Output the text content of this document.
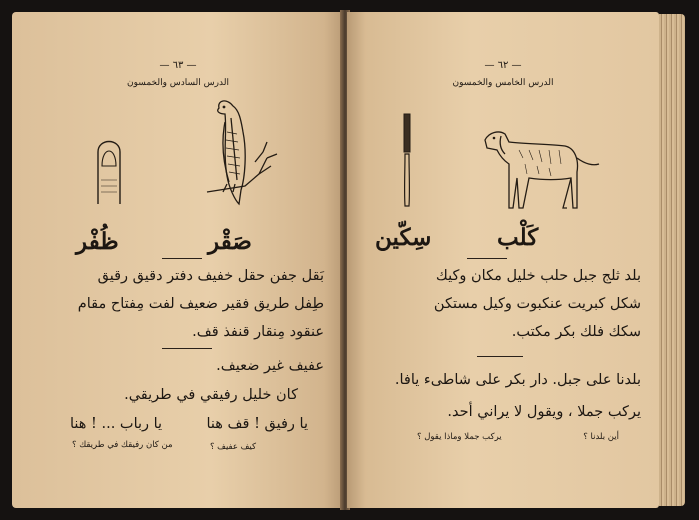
— ٦٣ —
الدرس السادس والخمسون
صَقْر
ظُفْر
بَقل جفن حقل خفيف دفتر دقيق رقيق
طِفل طريق فقير ضعيف لفت مِفتاح مقام
عنقود مِنقار قنفذ قف.
عفيف غير ضعيف.
كان خليل رفيقي في طريقي.
يا رفيق ! قف هنا
يا رباب ... ! هنا
كيف عفيف ؟
من كان رفيقك في طريقك ؟
— ٦٢ —
الدرس الخامس والخمسون
كَلْب
سِكّين
بلد ثلج جبل حلب خليل مكان وكيك
شكل كبريت عنكبوت وكيل مستكن
سكك فلك بكر مكتب.
بلدنا على جبل. دار بكر على شاطىء يافا.
يركب جملا ، ويقول لا يراني أحد.
أين بلدنا ؟
يركب جملا وماذا يقول ؟
